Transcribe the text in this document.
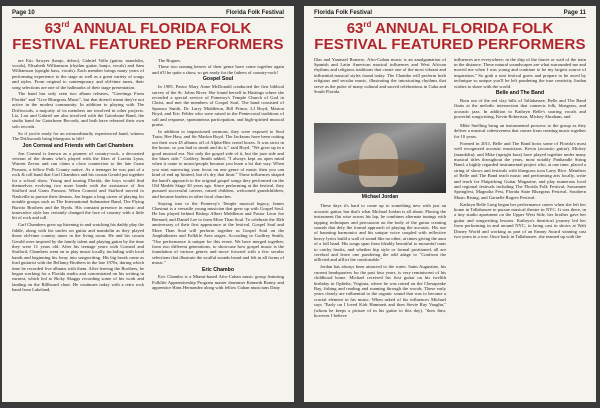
Page 10	Florida Folk Festival
63rd ANNUAL FLORIDA FOLK
FESTIVAL FEATURED PERFORMERS

are Eric Sawyer (banjo, dobro), Gabriel Valla (guitar, mandolin, vocals), Elisabeth Williamson (rhythm guitar, banjo, vocals) and Sam Williamson (upright bass, vocals). Each member brings many years of performing experience to the stage as well as a great variety of songs and styles. From original to contemporary and old-time tunes, their song selections are one of the hallmarks of their stage presentation.

The band has only seen two album releases, "Greetings From Florida" and "Live Bluegrass Music", but that doesn't mean they're not active in the modest community. In addition to playing with The Driftwoods, a majority of its members are involved in other projects. Liz, Lon and Gabriel are also involved with the Gatorbone Band, the studio band for Gatorbone Records, and both have released their own solo records.

So if you're ready for an extraordinarily experienced band, witness The Driftwoods bring bluegrass to life!

Jon Corneal and Friends with Carl Chambers

Jon Corneal is known as a pioneer of country-rock, a decorated veteran of the drums who's played with the likes of Loretta Lynn, Warren Zevon and can claim a close connection to the late Gram Parsons, a fellow Polk County native. As a teenager he was part of a rock & roll band that Carl Chambers and his cousin Gerald put together for a school show. Young and touring Florida, the boys would find themselves evolving two more bands with the assistance of Jim Stafford and Gram Parsons. When Corneal and Stafford moved to Nashville to pursue their dreams, Jon began a long career of playing for notable groups such as The International Submarine Band, The Flying Burrito Brothers and the Byrds. His constant presence in music and innovative style has certainly changed the face of country with a little bit of rock and roll.

Carl Chambers grew up listening to and watching his daddy play the fiddle, along with his uncles on guitar and mandolin as they played those old-time country tunes in the living room. He and his cousin Gerald were inspired by the family talent and playing guitar by the time they were 11 years old. After his teenage years with Corneal and Stafford, Chambers went on to play music locally, including with local bands and beginning his foray into songwriting. His big break came as lead guitarist with the Bellamy Brothers in the late 1970s, during which time he recorded five albums with them. After leaving the Brothers, he began working for a Florida studio and concentrated on his writing in earnest, which led to Ricky Skaggs recording some of his work and landing on the Billboard chart. He continues today with a retro rock band from Lakeland,

The Rogues.

These two unsung heroes of their genre have come together again and it'll be quite a show, so get ready for the fathers of country-rock!

Gospel Soul

In 1985, Pastor Mary Anne McDonald conducted the first biblical survey of the St. Johns River. She found herself in Hastings where she recorded a special service of Pomeroy's Temple Church of God in Christ, and met the members of Gospel Soul. The band consisted of Sponsor Smith, Dr. Larry Middleton, Bill Prince, LJ Boyd, Marion Boyd, and Eric Felder who were raised in the Pentecostal traditions of call and response, spontaneous participation, and high-spirited musical praise.

In addition to impassioned sermons, they were exposed to Soul Train, Hee Haw, and Sir Marlon Boyd. The Jacksons have been cutting out their own 45 albums off of Alpha-Bits cereal boxes. It was strict in the house, so you had to sneak and do it," said Boyd. "We grew up in a good musical era. Not only the gospel side of it, but the jazz side and the blues side." Godfrey Smith added, "I always kept an open mind when it came to music/people because you learn a lot that way. When you start narrowing your focus on one genre of music then you can kind of end up limited, but it's dry that limit." These influences shaped the band's approach to the original gospel songs they performed on the Old Marble Stage 30 years ago. Since performing at the festival, they pursued successful careers, raised children, welcomed grandchildren, and became leaders in other local churches.

Staying true to the Pomeroy's Temple musical legacy, James Chestnut is a versatile young musician that grew up with Gospel Soul. He has played behind Bishop Albert Middleton and Pastor Leon Joe Bernard, and Daniel Lee to form More Than Soul. To celebrate the 30th anniversary of their first appearance at the festival, Gospel Soul and More Than Soul will perform together as Gospel Soul on the Amphitheater and Folklife Area stages. According to Godfrey Smith, "Our performance is unique for this event. We have merged together, from two different generations, to showcase how gospel music is the foundation of various genres and move forward with a few secular selections that illustrate the soulful sounds heard and felt in all forms of music."

Eric Chambo

Eric Chambo is a Miami-based Afro-Cuban music group featuring Folklife Apprenticeship Program master drummer Kenneth Bonny and apprentice Hans Hernandez along with fellow Cuban musicians Dany

Florida Folk Festival	Page 11
63rd ANNUAL FLORIDA FOLK
FESTIVAL FEATURED PERFORMERS

Illas and Yanmael Romero. Afro-Cuban music is an amalgamation of Spanish and Latin American musical influences and West African rhythms and religious traditions that create one of the most vibrant and influential musical styles found today. The Chambo will perform both religious and secular music, illustrating the intoxicating rhythms that serve as the pulse of many cultural and sacred celebrations in Cuba and South Florida.

influences are everywhere; in the drip of the faucet or wail of the train in the distance. These natural soundscapes are what surrounded me and moved me when I was young and continue to be my largest source of inspiration." So grab a seat festival goers and prepare to be awed by technique so unique you'll be left pondering the true creativity Jordan wishes to share with the world.

Belle and The Band

Born out of the red clay hills of Tallahassee, Belle and The Band floats at the melodic intersection that connects folk, bluegrass, and acoustic jazz. In addition to Kathryn Belle's soaring vocals and powerful songwriting, Kevin Robertson, Mickey Abraham, and

Michael Jordan

These days it's hard to come up to something new with just an acoustic guitar, but that's what Michael Jordan is all about. Placing the instrument flat wise across his lap, he combines alternate tunings with tapping techniques and percussion on the body of the guitar creating sounds that defy the formal approach of playing the acoustic. His use of haunting harmonics and his unique voice coupled with reflective heavy lyrics build a wall of sound like no other, at times giving the aura of a full band. His songs span from bleakly beautiful to mournful rants to catchy hooks, and whether hip style or formal positioned, all are cerebral and leave one pondering the odd adage to "Confront the afflicted and afflict the comfortable."

Jordan has always been attracted to the water. Saint Augustine, his current headquarters for the past four years, is very reminiscent of his childhood home. Michael received his first guitar on his twelfth birthday in Ophelia, Virginia, where he was raised on the Chesapeake Bay, fishing and reading and roaming through the woods. These early years clearly are influential to the organic sound that was to become a crucial element in his music. When asked of his influences Michael says "Early on I loved Kirk Hammett and then Stevie Ray Vaughn," (whom he keeps a picture of in his guitar to this day), "then Jimi, however I believe

Mike Snelling bring an instrumental prowess to the group as they deliver a musical cohesiveness that comes from creating music together for 10 years.

Formed in 2011, Belle and The Band hosts some of Florida's most well recognized acoustic musicians. Kevin (acoustic guitar), Mickey (mandolin), and Mike (upright bass) have played together under many musical titles throughout the years, most notably Panhandle String Band, a highly regarded instrumental project who, at one time, placed a string of shows and festivals with bluegrass icon Larry Rice. Members of Belle and The Band teach music and performing arts locally, write and teach for Flatpicking Guitar Magazine, and play numerous local and regional festivals including The Florida Folk Festival, Suwannee Springfest, Magnolia Fest, Florida State Bluegrass Festival, Southern Music Rising, and Garnelle Rogers Festival.

Kathryn Belle Long began her performance career when she left her home in Tallahassee to pursue musical theatre in NYC. It was there, in a tiny studio apartment on the Upper West Side, her brother gave her guitar and songwriting lessons. Kathryn's theatrical journey led her from performing in and around NYC, to being cast in shows at Walt Disney World and working as part of an Emmy Award winning cast two years in a row. Once back in Tallahassee, she teamed up with the
